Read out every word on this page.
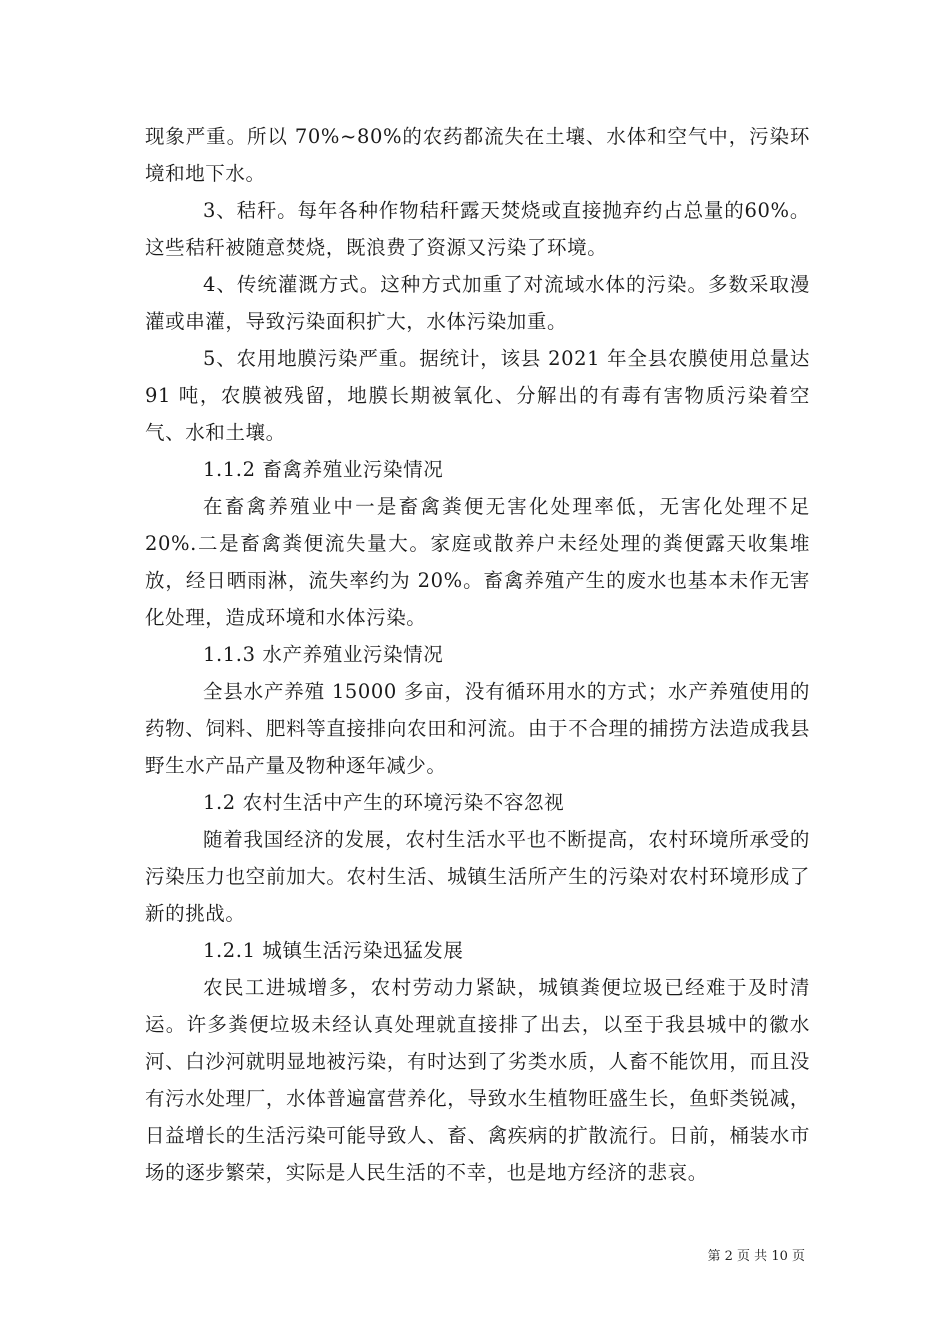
现象严重。所以 70%~80%的农药都流失在土壤、水体和空气中，污染环境和地下水。

3、秸秆。每年各种作物秸秆露天焚烧或直接抛弃约占总量的60%。这些秸秆被随意焚烧，既浪费了资源又污染了环境。

4、传统灌溉方式。这种方式加重了对流域水体的污染。多数采取漫灌或串灌，导致污染面积扩大，水体污染加重。

5、农用地膜污染严重。据统计，该县 2021 年全县农膜使用总量达 91 吨，农膜被残留，地膜长期被氧化、分解出的有毒有害物质污染着空气、水和土壤。

1.1.2 畜禽养殖业污染情况

在畜禽养殖业中一是畜禽粪便无害化处理率低，无害化处理不足 20%.二是畜禽粪便流失量大。家庭或散养户未经处理的粪便露天收集堆放，经日晒雨淋，流失率约为 20%。畜禽养殖产生的废水也基本未作无害化处理，造成环境和水体污染。

1.1.3 水产养殖业污染情况

全县水产养殖 15000 多亩，没有循环用水的方式；水产养殖使用的药物、饲料、肥料等直接排向农田和河流。由于不合理的捕捞方法造成我县野生水产品产量及物种逐年减少。

1.2 农村生活中产生的环境污染不容忽视

随着我国经济的发展，农村生活水平也不断提高，农村环境所承受的污染压力也空前加大。农村生活、城镇生活所产生的污染对农村环境形成了新的挑战。

1.2.1 城镇生活污染迅猛发展

农民工进城增多，农村劳动力紧缺，城镇粪便垃圾已经难于及时清运。许多粪便垃圾未经认真处理就直接排了出去，以至于我县城中的徽水河、白沙河就明显地被污染，有时达到了劣类水质，人畜不能饮用，而且没有污水处理厂，水体普遍富营养化，导致水生植物旺盛生长，鱼虾类锐减，日益增长的生活污染可能导致人、畜、禽疾病的扩散流行。日前，桶装水市场的逐步繁荣，实际是人民生活的不幸，也是地方经济的悲哀。

第 2 页 共 10 页
